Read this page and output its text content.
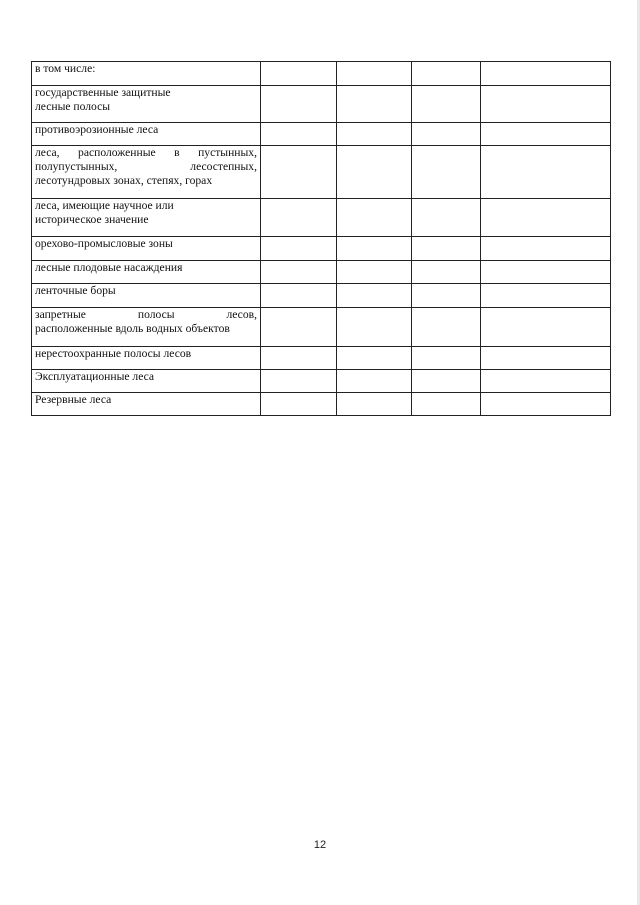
в том числе:				

государственные защитные
лесные полосы				

противоэрозионные леса				

леса, расположенные в пустынных,
полупустынных, лесостепных,
лесотундровых зонах, степях, горах				

леса, имеющие научное или
историческое значение				

орехово-промысловые зоны				
лесные плодовые насаждения				
ленточные боры				

запретные полосы лесов,
расположенные вдоль водных объектов				

нерестоохранные полосы лесов				
Эксплуатационные леса				
Резервные леса				
12
